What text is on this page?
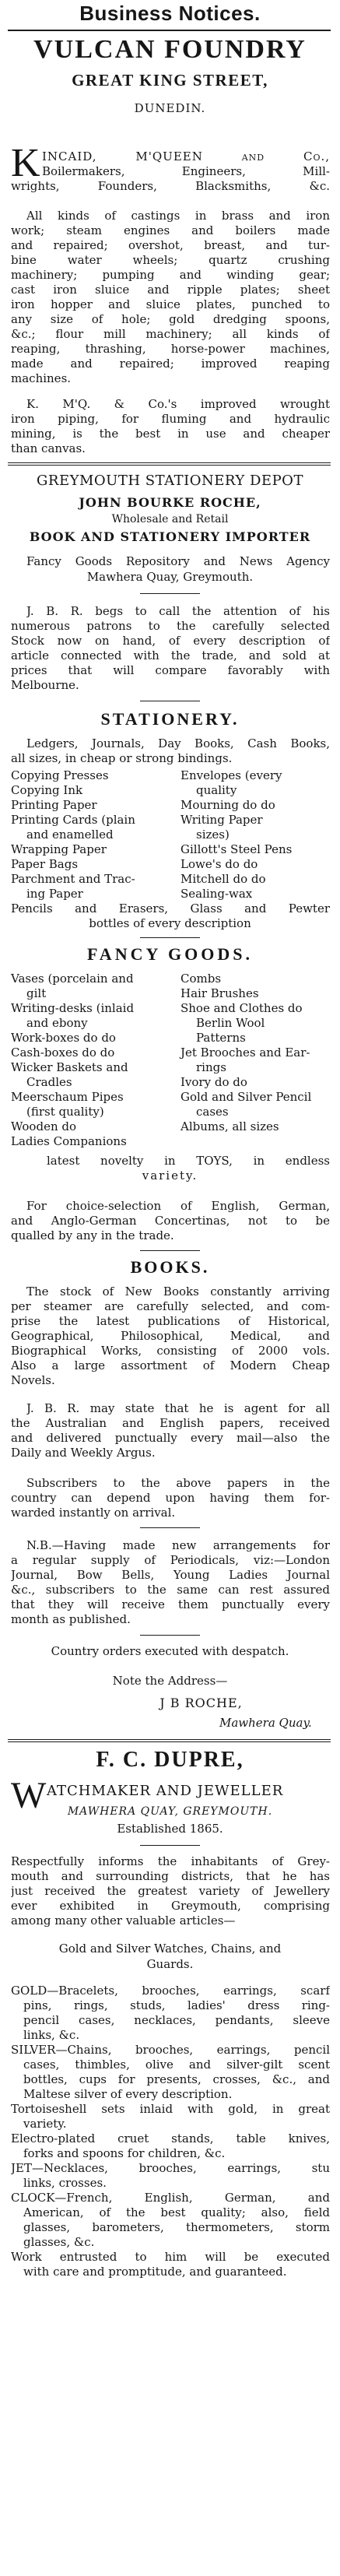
Business Notices.
VULCAN FOUNDRY
GREAT KING STREET,
DUNEDIN.
K INCAID, M'QUEEN and Co.,
Boilermakers, Engineers, Mill-
wrights, Founders, Blacksmiths, &c.
All kinds of castings in brass and iron
work; steam engines and boilers made
and repaired; overshot, breast, and tur-
bine water wheels; quartz crushing
machinery; pumping and winding gear;
cast iron sluice and ripple plates; sheet
iron hopper and sluice plates, punched to
any size of hole; gold dredging spoons,
&c.; flour mill machinery; all kinds of
reaping, thrashing, horse-power machines,
made and repaired; improved reaping
machines.
K. M'Q. & Co.'s improved wrought
iron piping, for fluming and hydraulic
mining, is the best in use and cheaper
than canvas.
GREYMOUTH STATIONERY DEPOT
JOHN BOURKE ROCHE,
Wholesale and Retail
BOOK AND STATIONERY IMPORTER
Fancy Goods Repository and News Agency
Mawhera Quay, Greymouth.
J. B. R. begs to call the attention of his
numerous patrons to the carefully selected
Stock now on hand, of every description of
article connected with the trade, and sold at
prices that will compare favorably with
Melbourne.
STATIONERY.
Ledgers, Journals, Day Books, Cash Books,
all sizes, in cheap or strong bindings.
Copying Presses	Envelopes (every
Copying Ink	quality
Printing Paper	Mourning do do
Printing Cards (plain	Writing Paper
and enamelled	sizes)
Wrapping Paper	Gillott's Steel Pens
Paper Bags	Lowe's do do
Parchment and Trac-	Mitchell do do
ing Paper	Sealing-wax
Pencils and Erasers, Glass and Pewter
bottles of every description
FANCY GOODS.
Vases (porcelain and	Combs
gilt	Hair Brushes
Writing-desks (inlaid	Shoe and Clothes do
and ebony	Berlin Wool
Work-boxes do do	Patterns
Cash-boxes do do	Jet Brooches and Ear-
Wicker Baskets and	rings
Cradles	Ivory do do
Meerschaum Pipes	Gold and Silver Pencil
(first quality)	cases
Wooden do	Albums, all sizes
Ladies Companions
latest novelty in TOYS, in endless
variety.
For choice-selection of English, German,
and Anglo-German Concertinas, not to be
qualled by any in the trade.
BOOKS.
The stock of New Books constantly arriving
per steamer are carefully selected, and com-
prise the latest publications of Historical,
Geographical, Philosophical, Medical, and
Biographical Works, consisting of 2000 vols.
Also a large assortment of Modern Cheap
Novels.
J. B. R. may state that he is agent for all
the Australian and English papers, received
and delivered punctually every mail—also the
Daily and Weekly Argus.
Subscribers to the above papers in the
country can depend upon having them for-
warded instantly on arrival.
N.B.—Having made new arrangements for
a regular supply of Periodicals, viz:—London
Journal, Bow Bells, Young Ladies Journal
&c., subscribers to the same can rest assured
that they will receive them punctually every
month as published.
Country orders executed with despatch.
Note the Address—
J B ROCHE,
Mawhera Quay.
F. C. DUPRE,
W ATCHMAKER AND JEWELLER
MAWHERA QUAY, GREYMOUTH.
Established 1865.
Respectfully informs the inhabitants of Grey-
mouth and surrounding districts, that he has
just received the greatest variety of Jewellery
ever exhibited in Greymouth, comprising
among many other valuable articles—
Gold and Silver Watches, Chains, and
Guards.
GOLD—Bracelets, brooches, earrings, scarf
pins, rings, studs, ladies' dress ring-
pencil cases, necklaces, pendants, sleeve
links, &c.
SILVER—Chains, brooches, earrings, pencil
cases, thimbles, olive and silver-gilt scent
bottles, cups for presents, crosses, &c., and
Maltese silver of every description.
Tortoiseshell sets inlaid with gold, in great
variety.
Electro-plated cruet stands, table knives,
forks and spoons for children, &c.
JET—Necklaces, brooches, earrings, stu
links, crosses.
CLOCK—French, English, German, and
American, of the best quality; also, field
glasses, barometers, thermometers, storm
glasses, &c.
Work entrusted to him will be executed
with care and promptitude, and guaranteed.
